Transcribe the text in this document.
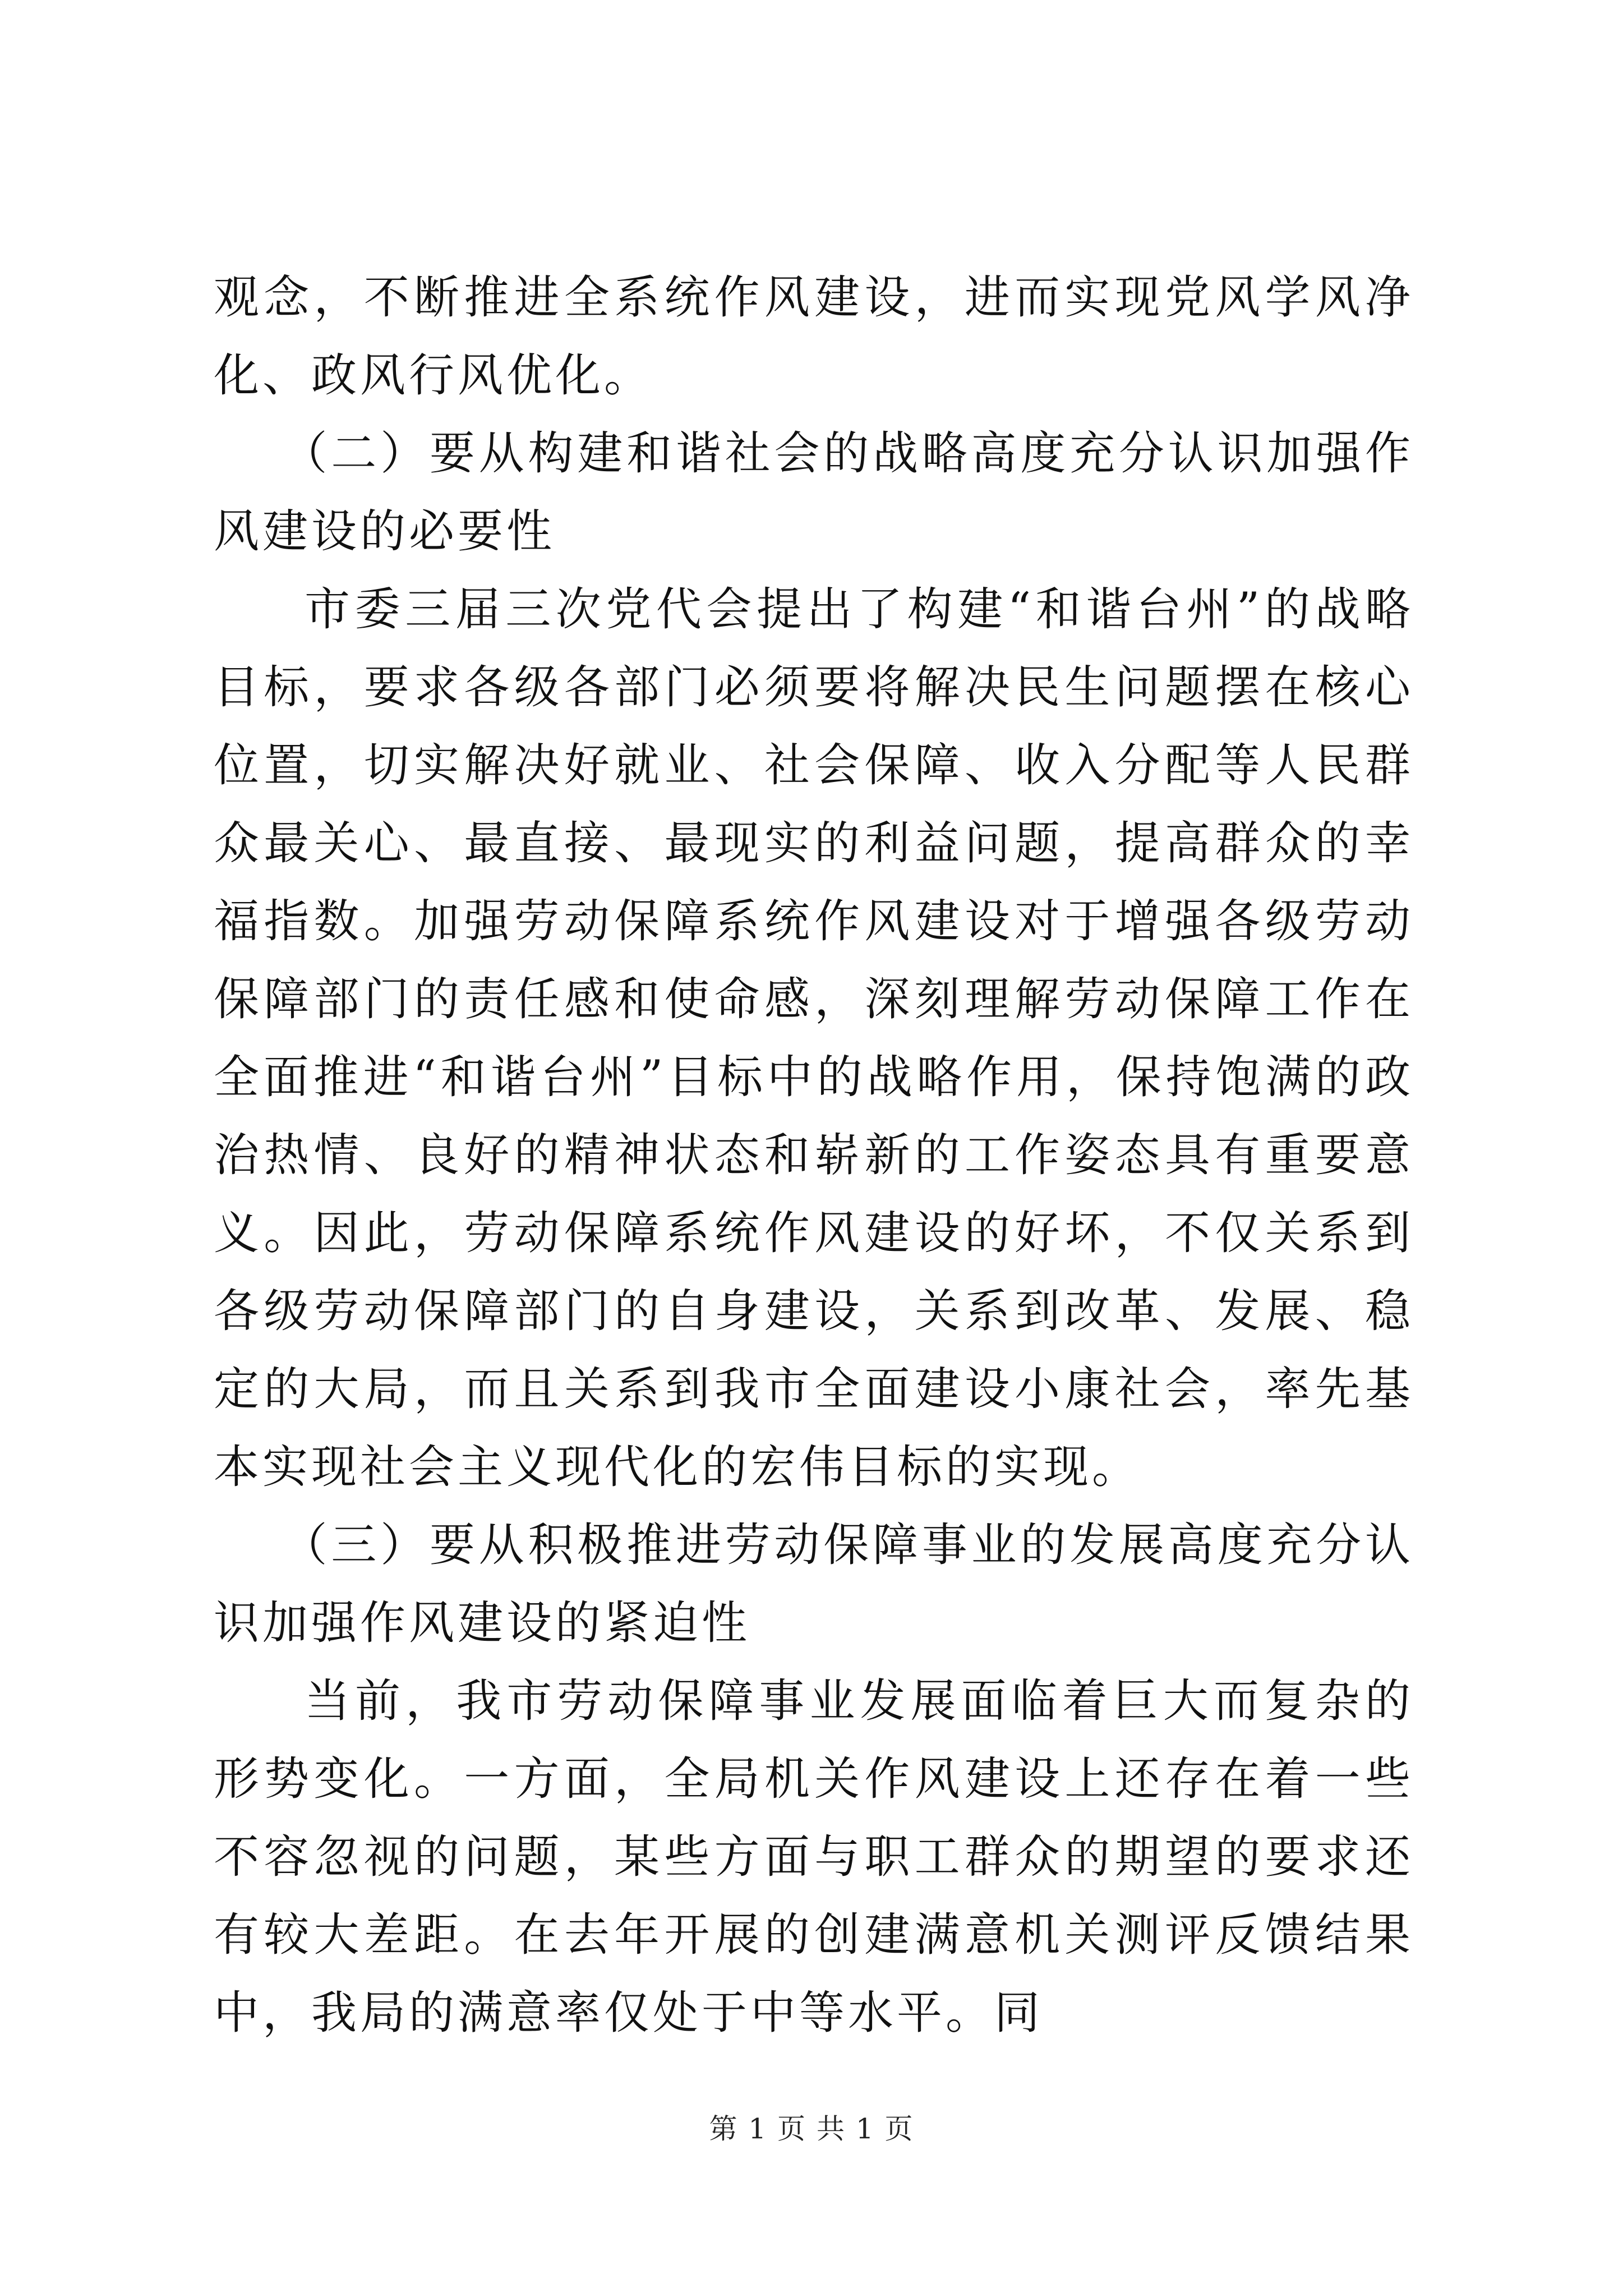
观念，不断推进全系统作风建设，进而实现党风学风净化、政风行风优化。

（二）要从构建和谐社会的战略高度充分认识加强作风建设的必要性

市委三届三次党代会提出了构建“和谐台州”的战略目标，要求各级各部门必须要将解决民生问题摆在核心位置，切实解决好就业、社会保障、收入分配等人民群众最关心、最直接、最现实的利益问题，提高群众的幸福指数。加强劳动保障系统作风建设对于增强各级劳动保障部门的责任感和使命感，深刻理解劳动保障工作在全面推进“和谐台州”目标中的战略作用，保持饱满的政治热情、良好的精神状态和崭新的工作姿态具有重要意义。因此，劳动保障系统作风建设的好坏，不仅关系到各级劳动保障部门的自身建设，关系到改革、发展、稳定的大局，而且关系到我市全面建设小康社会，率先基本实现社会主义现代化的宏伟目标的实现。

（三）要从积极推进劳动保障事业的发展高度充分认识加强作风建设的紧迫性

当前，我市劳动保障事业发展面临着巨大而复杂的形势变化。一方面，全局机关作风建设上还存在着一些不容忽视的问题，某些方面与职工群众的期望的要求还有较大差距。在去年开展的创建满意机关测评反馈结果中，我局的满意率仅处于中等水平。同

第 1 页 共 1 页
